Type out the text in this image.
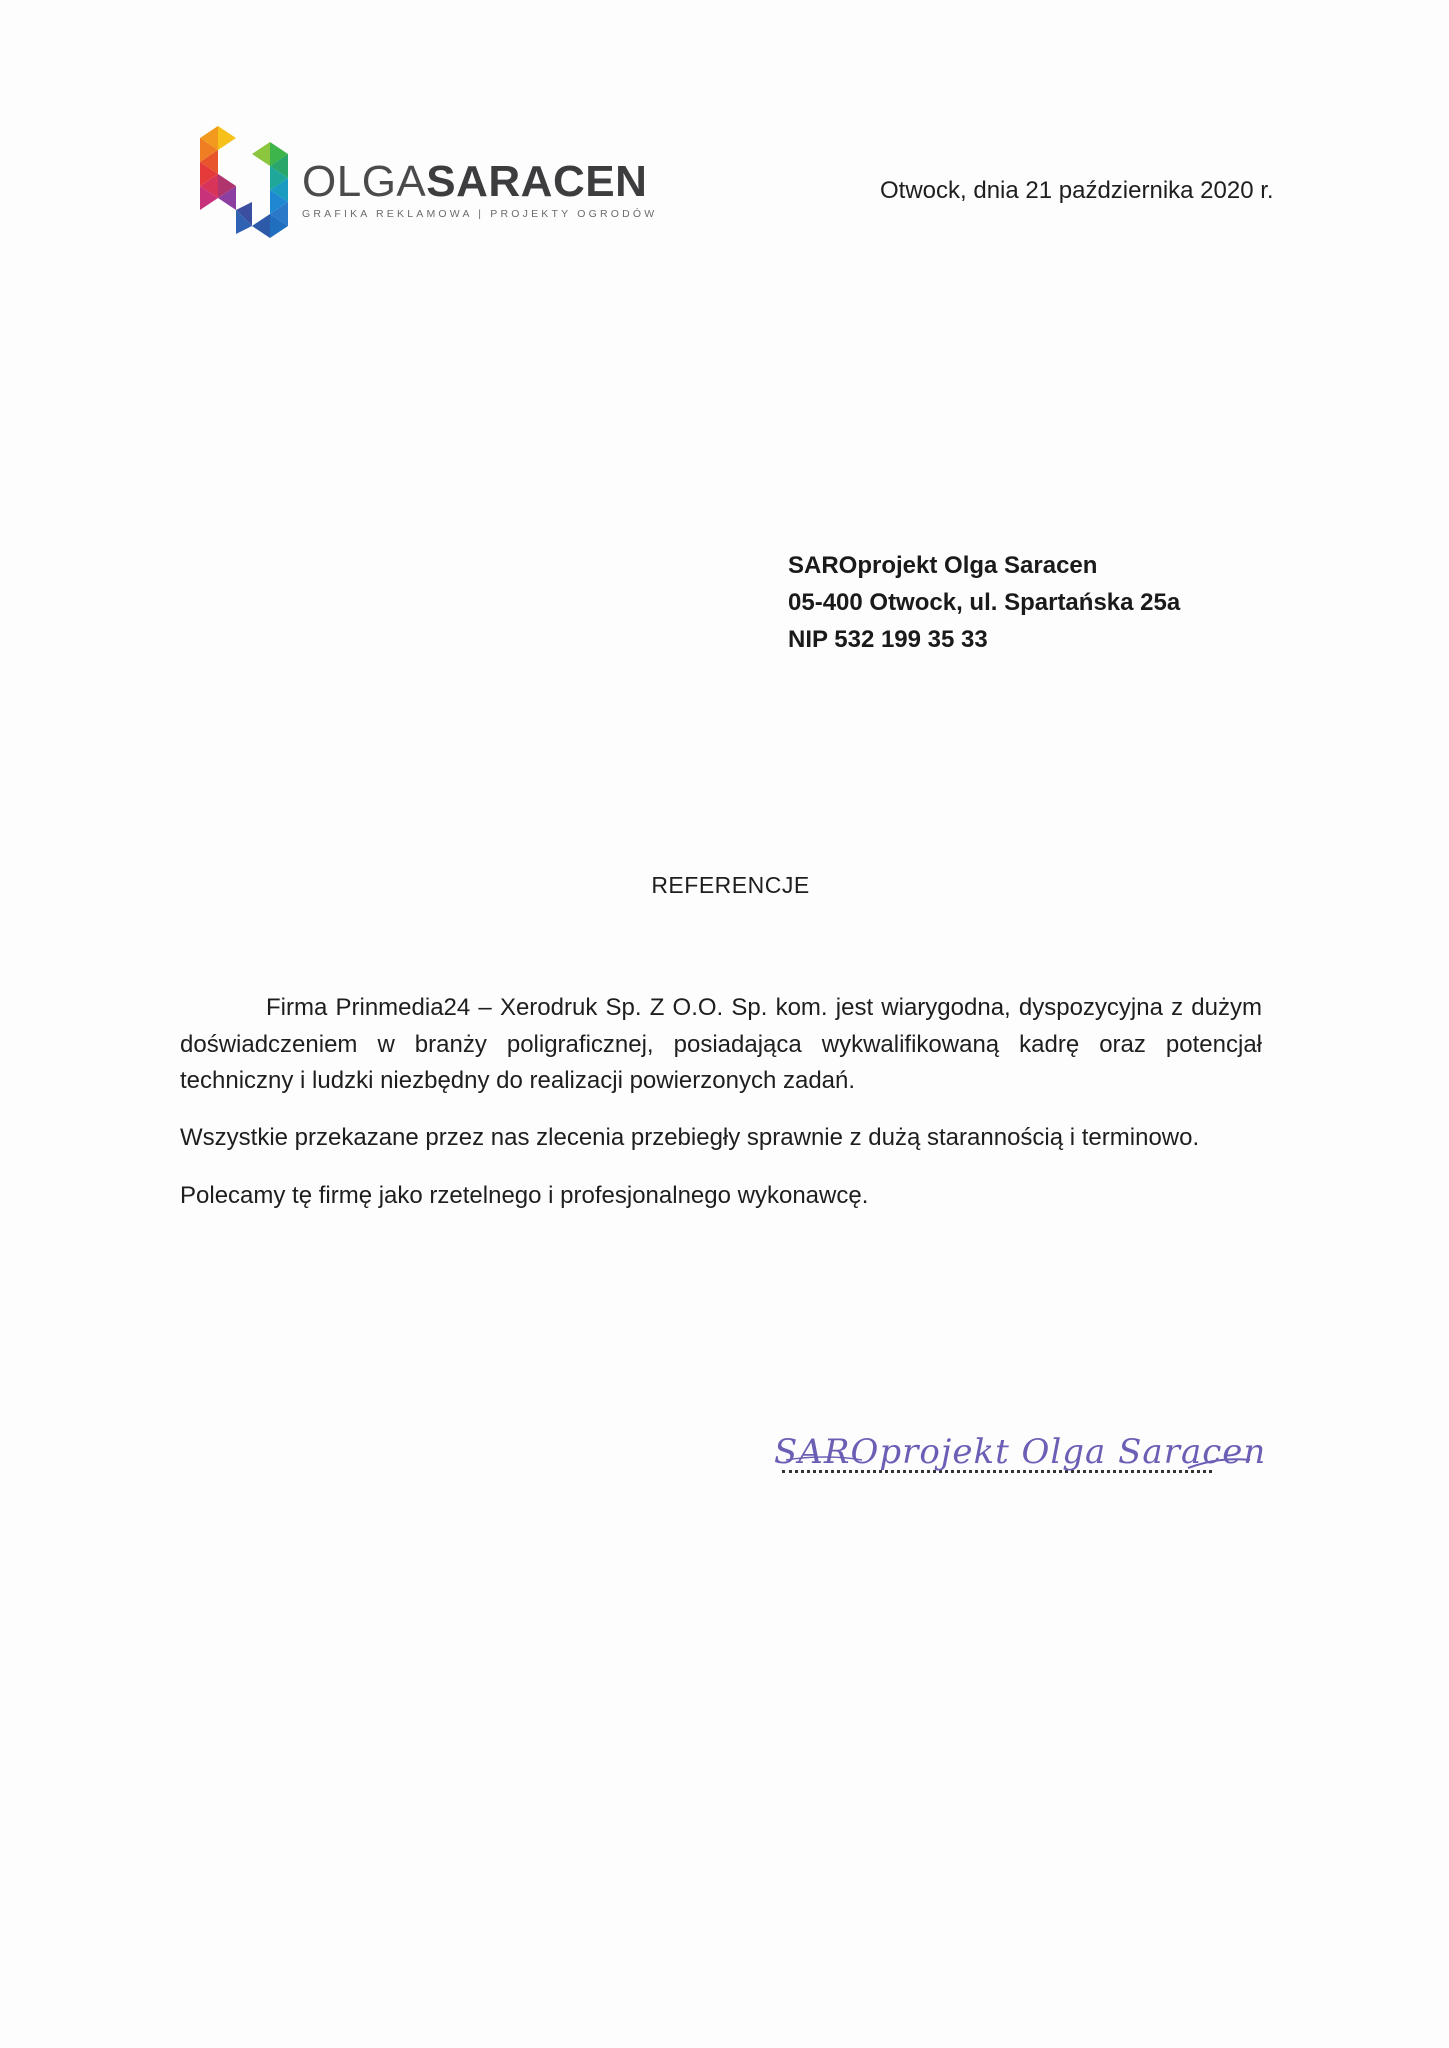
OLGASARACEN
GRAFIKA REKLAMOWA | PROJEKTY OGRODÓW
Otwock, dnia 21 października 2020 r.
SAROprojekt Olga Saracen
05-400 Otwock, ul. Spartańska 25a
NIP 532 199 35 33
REFERENCJE

Firma Prinmedia24 – Xerodruk Sp. Z O.O. Sp. kom. jest wiarygodna, dyspozycyjna z dużym doświadczeniem w branży poligraficznej, posiadająca wykwalifikowaną kadrę oraz potencjał techniczny i ludzki niezbędny do realizacji powierzonych zadań.

Wszystkie przekazane przez nas zlecenia przebiegły sprawnie z dużą starannością i terminowo.

Polecamy tę firmę jako rzetelnego i profesjonalnego wykonawcę.

SAROprojekt Olga Saracen
